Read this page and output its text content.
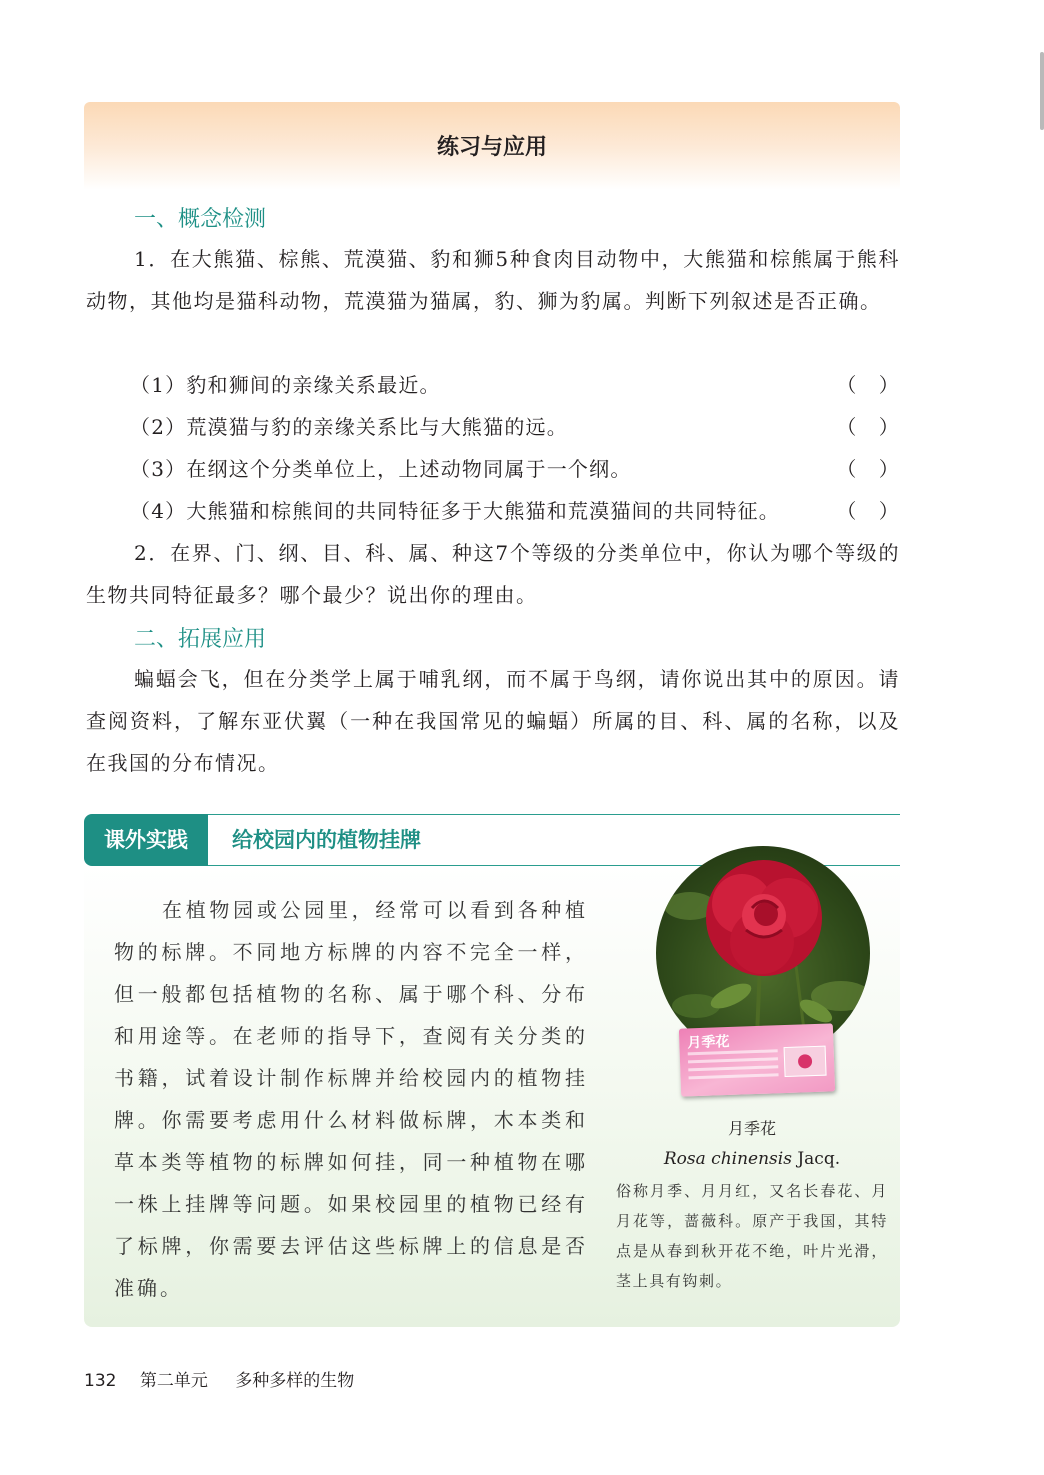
练习与应用
一、概念检测

1．在大熊猫、棕熊、荒漠猫、豹和狮5种食肉目动物中，大熊猫和棕熊属于熊科动物，其他均是猫科动物，荒漠猫为猫属，豹、狮为豹属。判断下列叙述是否正确。

（1）豹和狮间的亲缘关系最近。	（　）
（2）荒漠猫与豹的亲缘关系比与大熊猫的远。	（　）
（3）在纲这个分类单位上，上述动物同属于一个纲。	（　）
（4）大熊猫和棕熊间的共同特征多于大熊猫和荒漠猫间的共同特征。	（　）

2．在界、门、纲、目、科、属、种这7个等级的分类单位中，你认为哪个等级的生物共同特征最多？哪个最少？说出你的理由。

二、拓展应用

蝙蝠会飞，但在分类学上属于哺乳纲，而不属于鸟纲，请你说出其中的原因。请查阅资料，了解东亚伏翼（一种在我国常见的蝙蝠）所属的目、科、属的名称，以及在我国的分布情况。

课外实践	给校园内的植物挂牌

在植物园或公园里，经常可以看到各种植物的标牌。不同地方标牌的内容不完全一样，但一般都包括植物的名称、属于哪个科、分布和用途等。在老师的指导下，查阅有关分类的书籍，试着设计制作标牌并给校园内的植物挂牌。你需要考虑用什么材料做标牌，木本类和草本类等植物的标牌如何挂，同一种植物在哪一株上挂牌等问题。如果校园里的植物已经有了标牌，你需要去评估这些标牌上的信息是否准确。

月季花
月季花
Rosa chinensis Jacq.

俗称月季、月月红，又名长春花、月月花等，蔷薇科。原产于我国，其特点是从春到秋开花不绝，叶片光滑，茎上具有钩刺。

132 第二单元 多种多样的生物
